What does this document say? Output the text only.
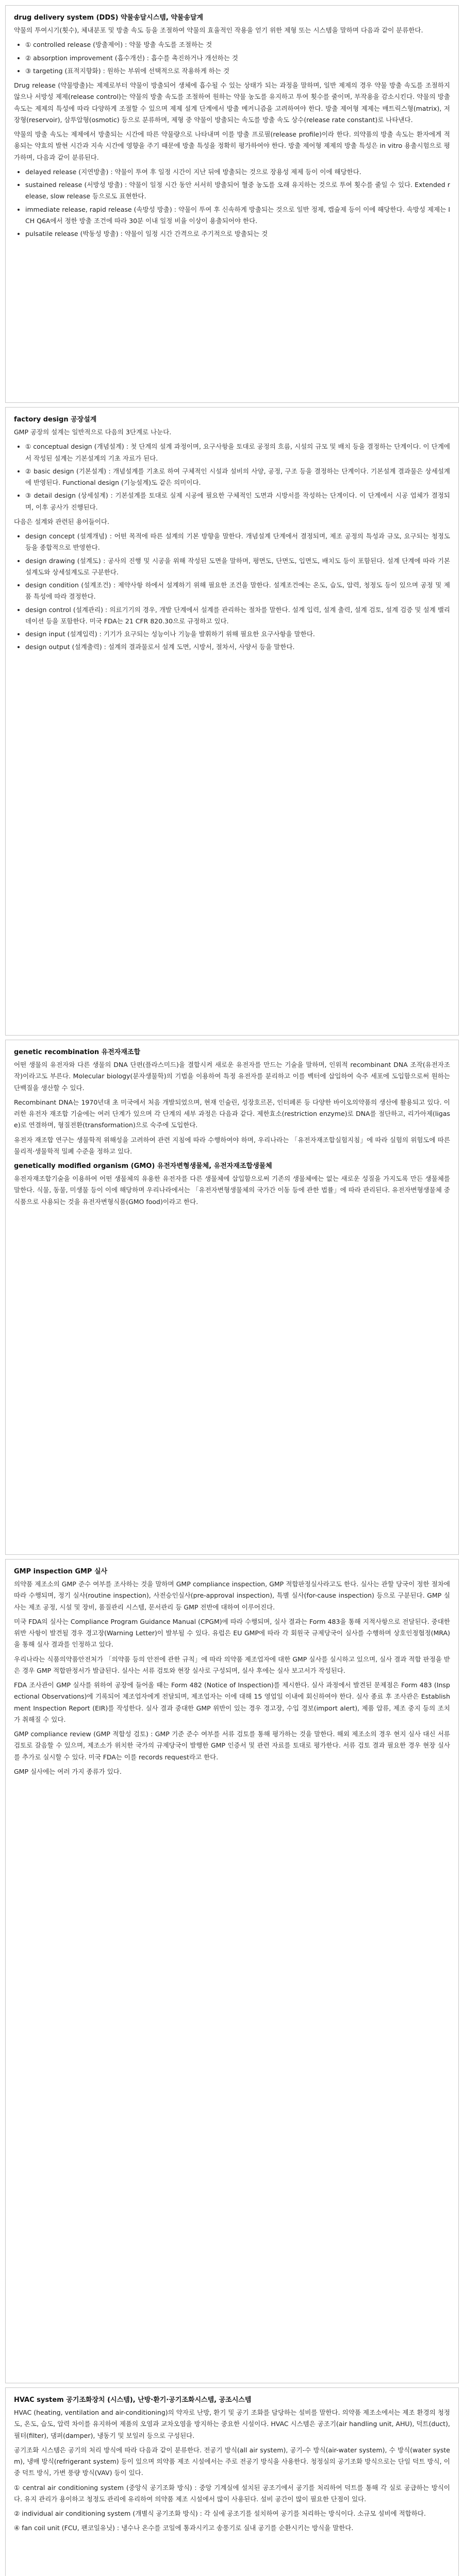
drug delivery system (DDS) 약물송달시스템, 약물송달계

약물의 투여시기(횟수), 체내분포 및 방출 속도 등을 조절하여 약물의 효율적인 작용을 얻기 위한 제형 또는 시스템을 말하며 다음과 같이 분류한다.

• ① controlled release (방출제어) : 약물 방출 속도를 조절하는 것
• ② absorption improvement (흡수개선) : 흡수를 촉진하거나 개선하는 것
• ③ targeting (표적지향화) : 원하는 부위에 선택적으로 작용하게 하는 것

Drug release (약물방출)는 제제로부터 약물이 방출되어 생체에 흡수될 수 있는 상태가 되는 과정을 말하며, 일반 제제의 경우 약물 방출 속도를 조절하지 않으나 서방성 제제(release control)는 약물의 방출 속도를 조절하여 원하는 약물 농도를 유지하고 투여 횟수를 줄이며, 부작용을 감소시킨다. 약물의 방출 속도는 제제의 특성에 따라 다양하게 조절할 수 있으며 제제 설계 단계에서 방출 메커니즘을 고려하여야 한다. 방출 제어형 제제는 매트릭스형(matrix), 저장형(reservoir), 삼투압형(osmotic) 등으로 분류하며, 제형 중 약물이 방출되는 속도를 방출 속도 상수(release rate constant)로 나타낸다.

약물의 방출 속도는 제제에서 방출되는 시간에 따른 약물량으로 나타내며 이를 방출 프로필(release profile)이라 한다. 의약품의 방출 속도는 환자에게 적용되는 약효의 발현 시간과 지속 시간에 영향을 주기 때문에 방출 특성을 정확히 평가하여야 한다. 방출 제어형 제제의 방출 특성은 in vitro 용출시험으로 평가하며, 다음과 같이 분류된다.

• delayed release (지연방출) : 약물이 투여 후 일정 시간이 지난 뒤에 방출되는 것으로 장용성 제제 등이 이에 해당한다.
• sustained release (서방성 방출) : 약물이 일정 시간 동안 서서히 방출되어 혈중 농도를 오래 유지하는 것으로 투여 횟수를 줄일 수 있다. Extended release, slow release 등으로도 표현한다.
• immediate release, rapid release (속방성 방출) : 약물이 투여 후 신속하게 방출되는 것으로 일반 정제, 캡슐제 등이 이에 해당한다. 속방성 제제는 ICH Q6A에서 정한 방출 조건에 따라 30분 이내 일정 비율 이상이 용출되어야 한다.
• pulsatile release (박동성 방출) : 약물이 일정 시간 간격으로 주기적으로 방출되는 것
factory design 공장설계

GMP 공장의 설계는 일반적으로 다음의 3단계로 나눈다.

• ① conceptual design (개념설계) : 첫 단계의 설계 과정이며, 요구사항을 토대로 공정의 흐름, 시설의 규모 및 배치 등을 결정하는 단계이다. 이 단계에서 작성된 설계는 기본설계의 기초 자료가 된다.
• ② basic design (기본설계) : 개념설계를 기초로 하여 구체적인 시설과 설비의 사양, 공정, 구조 등을 결정하는 단계이다. 기본설계 결과물은 상세설계에 반영된다. Functional design (기능설계)도 같은 의미이다.
• ③ detail design (상세설계) : 기본설계를 토대로 실제 시공에 필요한 구체적인 도면과 시방서를 작성하는 단계이다. 이 단계에서 시공 업체가 결정되며, 이후 공사가 진행된다.

다음은 설계와 관련된 용어들이다.

• design concept (설계개념) : 어떤 목적에 따른 설계의 기본 방향을 말한다. 개념설계 단계에서 결정되며, 제조 공정의 특성과 규모, 요구되는 청정도 등을 종합적으로 반영한다.
• design drawing (설계도) : 공사의 진행 및 시공을 위해 작성된 도면을 말하며, 평면도, 단면도, 입면도, 배치도 등이 포함된다. 설계 단계에 따라 기본설계도와 상세설계도로 구분한다.
• design condition (설계조건) : 제약사항 하에서 설계하기 위해 필요한 조건을 말한다. 설계조건에는 온도, 습도, 압력, 청정도 등이 있으며 공정 및 제품 특성에 따라 결정한다.
• design control (설계관리) : 의료기기의 경우, 개발 단계에서 설계를 관리하는 절차를 말한다. 설계 입력, 설계 출력, 설계 검토, 설계 검증 및 설계 밸리데이션 등을 포함한다. 미국 FDA는 21 CFR 820.30으로 규정하고 있다.
• design input (설계입력) : 기기가 요구되는 성능이나 기능을 발휘하기 위해 필요한 요구사항을 말한다.
• design output (설계출력) : 설계의 결과물로서 설계 도면, 시방서, 절차서, 사양서 등을 말한다.
genetic recombination 유전자재조합

어떤 생물의 유전자와 다른 생물의 DNA 단편(플라스미드)을 결합시켜 새로운 유전자를 만드는 기술을 말하며, 인위적 recombinant DNA 조작(유전자조작)이라고도 부른다. Molecular biology(분자생물학)의 기법을 이용하여 특정 유전자를 분리하고 이를 벡터에 삽입하여 숙주 세포에 도입함으로써 원하는 단백질을 생산할 수 있다.

Recombinant DNA는 1970년대 초 미국에서 처음 개발되었으며, 현재 인슐린, 성장호르몬, 인터페론 등 다양한 바이오의약품의 생산에 활용되고 있다. 이러한 유전자 재조합 기술에는 여러 단계가 있으며 각 단계의 세부 과정은 다음과 같다. 제한효소(restriction enzyme)로 DNA를 절단하고, 리가아제(ligase)로 연결하며, 형질전환(transformation)으로 숙주에 도입한다.

유전자 재조합 연구는 생물학적 위해성을 고려하여 관련 지침에 따라 수행하여야 하며, 우리나라는 「유전자재조합실험지침」에 따라 실험의 위험도에 따른 물리적·생물학적 밀폐 수준을 정하고 있다.

genetically modified organism (GMO) 유전자변형생물체, 유전자재조합생물체

유전자재조합기술을 이용하여 어떤 생물체의 유용한 유전자를 다른 생물체에 삽입함으로써 기존의 생물체에는 없는 새로운 성질을 가지도록 만든 생물체를 말한다. 식물, 동물, 미생물 등이 이에 해당하며 우리나라에서는 「유전자변형생물체의 국가간 이동 등에 관한 법률」에 따라 관리된다. 유전자변형생물체 중 식품으로 사용되는 것을 유전자변형식품(GMO food)이라고 한다.

GMP inspection GMP 실사

의약품 제조소의 GMP 준수 여부를 조사하는 것을 말하며 GMP compliance inspection, GMP 적합판정실사라고도 한다. 실사는 관할 당국이 정한 절차에 따라 수행되며, 정기 실사(routine inspection), 사전승인실사(pre-approval inspection), 특별 실사(for-cause inspection) 등으로 구분된다. GMP 실사는 제조 공정, 시설 및 장비, 품질관리 시스템, 문서관리 등 GMP 전반에 대하여 이루어진다.

미국 FDA의 실사는 Compliance Program Guidance Manual (CPGM)에 따라 수행되며, 실사 결과는 Form 483을 통해 지적사항으로 전달된다. 중대한 위반 사항이 발견될 경우 경고장(Warning Letter)이 발부될 수 있다. 유럽은 EU GMP에 따라 각 회원국 규제당국이 실사를 수행하며 상호인정협정(MRA)을 통해 실사 결과를 인정하고 있다.

우리나라는 식품의약품안전처가 「의약품 등의 안전에 관한 규칙」에 따라 의약품 제조업자에 대한 GMP 실사를 실시하고 있으며, 실사 결과 적합 판정을 받은 경우 GMP 적합판정서가 발급된다. 실사는 서류 검토와 현장 실사로 구성되며, 실사 후에는 실사 보고서가 작성된다.

FDA 조사관이 GMP 실사를 위하여 공장에 들어올 때는 Form 482 (Notice of Inspection)를 제시한다. 실사 과정에서 발견된 문제점은 Form 483 (Inspectional Observations)에 기록되어 제조업자에게 전달되며, 제조업자는 이에 대해 15 영업일 이내에 회신하여야 한다. 실사 종료 후 조사관은 Establishment Inspection Report (EIR)를 작성한다. 실사 결과 중대한 GMP 위반이 있는 경우 경고장, 수입 경보(import alert), 제품 압류, 제조 중지 등의 조치가 취해질 수 있다.

GMP compliance review (GMP 적합성 검토) : GMP 기준 준수 여부를 서류 검토를 통해 평가하는 것을 말한다. 해외 제조소의 경우 현지 실사 대신 서류 검토로 갈음할 수 있으며, 제조소가 위치한 국가의 규제당국이 발행한 GMP 인증서 및 관련 자료를 토대로 평가한다. 서류 검토 결과 필요한 경우 현장 실사를 추가로 실시할 수 있다. 미국 FDA는 이를 records request라고 한다.

GMP 실사에는 여러 가지 종류가 있다.

HVAC system 공기조화장치 (시스템), 난방·환기·공기조화시스템, 공조시스템

HVAC (heating, ventilation and air-conditioning)의 약자로 난방, 환기 및 공기 조화를 담당하는 설비를 말한다. 의약품 제조소에서는 제조 환경의 청정도, 온도, 습도, 압력 차이를 유지하여 제품의 오염과 교차오염을 방지하는 중요한 시설이다. HVAC 시스템은 공조기(air handling unit, AHU), 덕트(duct), 필터(filter), 댐퍼(damper), 냉동기 및 보일러 등으로 구성된다.

공기조화 시스템은 공기의 처리 방식에 따라 다음과 같이 분류한다. 전공기 방식(all air system), 공기-수 방식(air-water system), 수 방식(water system), 냉매 방식(refrigerant system) 등이 있으며 의약품 제조 시설에서는 주로 전공기 방식을 사용한다. 청정실의 공기조화 방식으로는 단일 덕트 방식, 이중 덕트 방식, 가변 풍량 방식(VAV) 등이 있다.

① central air conditioning system (중앙식 공기조화 방식) : 중앙 기계실에 설치된 공조기에서 공기를 처리하여 덕트를 통해 각 실로 공급하는 방식이다. 유지 관리가 용이하고 청정도 관리에 유리하여 의약품 제조 시설에서 많이 사용된다. 설비 공간이 많이 필요한 단점이 있다.

② individual air conditioning system (개별식 공기조화 방식) : 각 실에 공조기를 설치하여 공기를 처리하는 방식이다. 소규모 설비에 적합하다.

④ fan coil unit (FCU, 팬코일유닛) : 냉수나 온수를 코일에 통과시키고 송풍기로 실내 공기를 순환시키는 방식을 말한다.
